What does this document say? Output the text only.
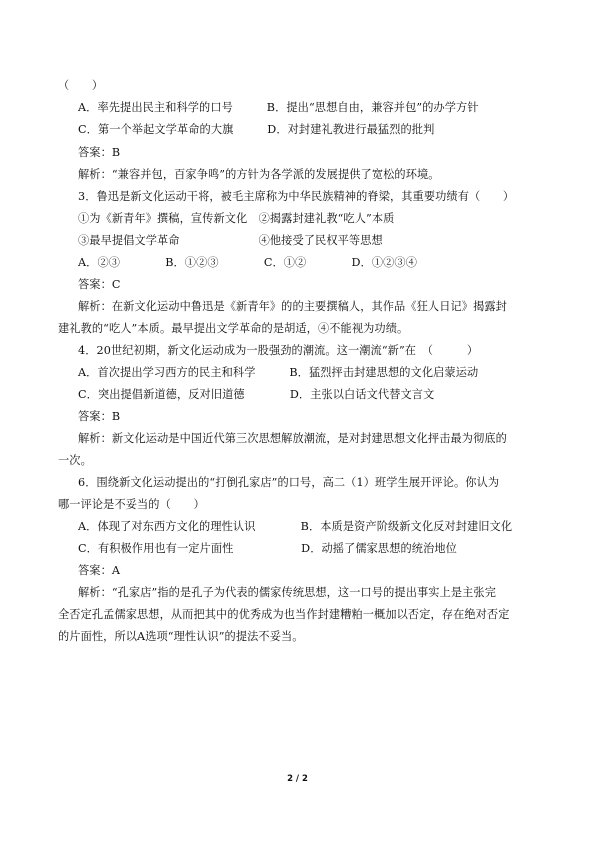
（　　）
A．率先提出民主和科学的口号　　　B．提出“思想自由，兼容并包”的办学方针
C．第一个举起文学革命的大旗　　　D．对封建礼教进行最猛烈的批判
答案：B
解析：“兼容并包，百家争鸣”的方针为各学派的发展提供了宽松的环境。
3．鲁迅是新文化运动干将，被毛主席称为中华民族精神的脊梁，其重要功绩有（　　）
①为《新青年》撰稿，宣传新文化　②揭露封建礼教“吃人”本质
③最早提倡文学革命　　　　　　　④他接受了民权平等思想
A．②③　　　　B．①②③　　　　C．①②　　　　D．①②③④
答案：C
解析：在新文化运动中鲁迅是《新青年》的的主要撰稿人，其作品《狂人日记》揭露封
建礼教的“吃人”本质。最早提出文学革命的是胡适，④不能视为功绩。
4．20世纪初期，新文化运动成为一股强劲的潮流。这一潮流“新”在　（　　　）
A．首次提出学习西方的民主和科学　　　B．猛烈抨击封建思想的文化启蒙运动
C．突出提倡新道德，反对旧道德　　　　D．主张以白话文代替文言文
答案：B
解析：新文化运动是中国近代第三次思想解放潮流，是对封建思想文化抨击最为彻底的
一次。
6．围绕新文化运动提出的“打倒孔家店”的口号，高二（1）班学生展开评论。你认为
哪一评论是不妥当的（　　）
A．体现了对东西方文化的理性认识　　　　B．本质是资产阶级新文化反对封建旧文化
C．有积极作用也有一定片面性　　　　　　D．动摇了儒家思想的统治地位
答案：A
解析：“孔家店”指的是孔子为代表的儒家传统思想，这一口号的提出事实上是主张完
全否定孔孟儒家思想，从而把其中的优秀成为也当作封建糟粕一概加以否定，存在绝对否定
的片面性，所以A选项“理性认识”的提法不妥当。
2 / 2
